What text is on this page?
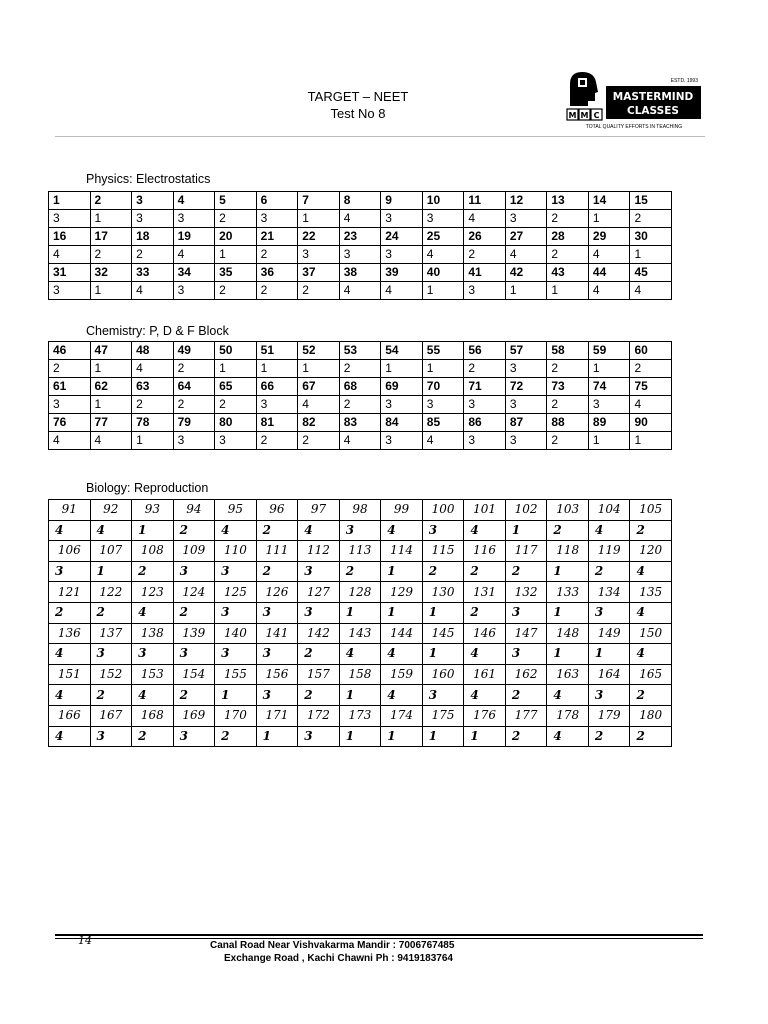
TARGET – NEET
Test No 8
ESTD. 1993
MASTERMIND
CLASSES
M M C
TOTAL QUALITY EFFORTS IN TEACHING
Physics: Electrostatics
1	2	3	4	5	6	7	8	9	10	11	12	13	14	15
3	1	3	3	2	3	1	4	3	3	4	3	2	1	2
16	17	18	19	20	21	22	23	24	25	26	27	28	29	30
4	2	2	4	1	2	3	3	3	4	2	4	2	4	1
31	32	33	34	35	36	37	38	39	40	41	42	43	44	45
3	1	4	3	2	2	2	4	4	1	3	1	1	4	4
Chemistry: P, D & F Block
46	47	48	49	50	51	52	53	54	55	56	57	58	59	60
2	1	4	2	1	1	1	2	1	1	2	3	2	1	2
61	62	63	64	65	66	67	68	69	70	71	72	73	74	75
3	1	2	2	2	3	4	2	3	3	3	3	2	3	4
76	77	78	79	80	81	82	83	84	85	86	87	88	89	90
4	4	1	3	3	2	2	4	3	4	3	3	2	1	1
Biology: Reproduction
91	92	93	94	95	96	97	98	99	100	101	102	103	104	105
4	4	1	2	4	2	4	3	4	3	4	1	2	4	2
106	107	108	109	110	111	112	113	114	115	116	117	118	119	120
3	1	2	3	3	2	3	2	1	2	2	2	1	2	4
121	122	123	124	125	126	127	128	129	130	131	132	133	134	135
2	2	4	2	3	3	3	1	1	1	2	3	1	3	4
136	137	138	139	140	141	142	143	144	145	146	147	148	149	150
4	3	3	3	3	3	2	4	4	1	4	3	1	1	4
151	152	153	154	155	156	157	158	159	160	161	162	163	164	165
4	2	4	2	1	3	2	1	4	3	4	2	4	3	2
166	167	168	169	170	171	172	173	174	175	176	177	178	179	180
4	3	2	3	2	1	3	1	1	1	1	2	4	2	2
14	Canal Road Near Vishvakarma Mandir : 7006767485
Exchange Road , Kachi Chawni Ph : 9419183764
